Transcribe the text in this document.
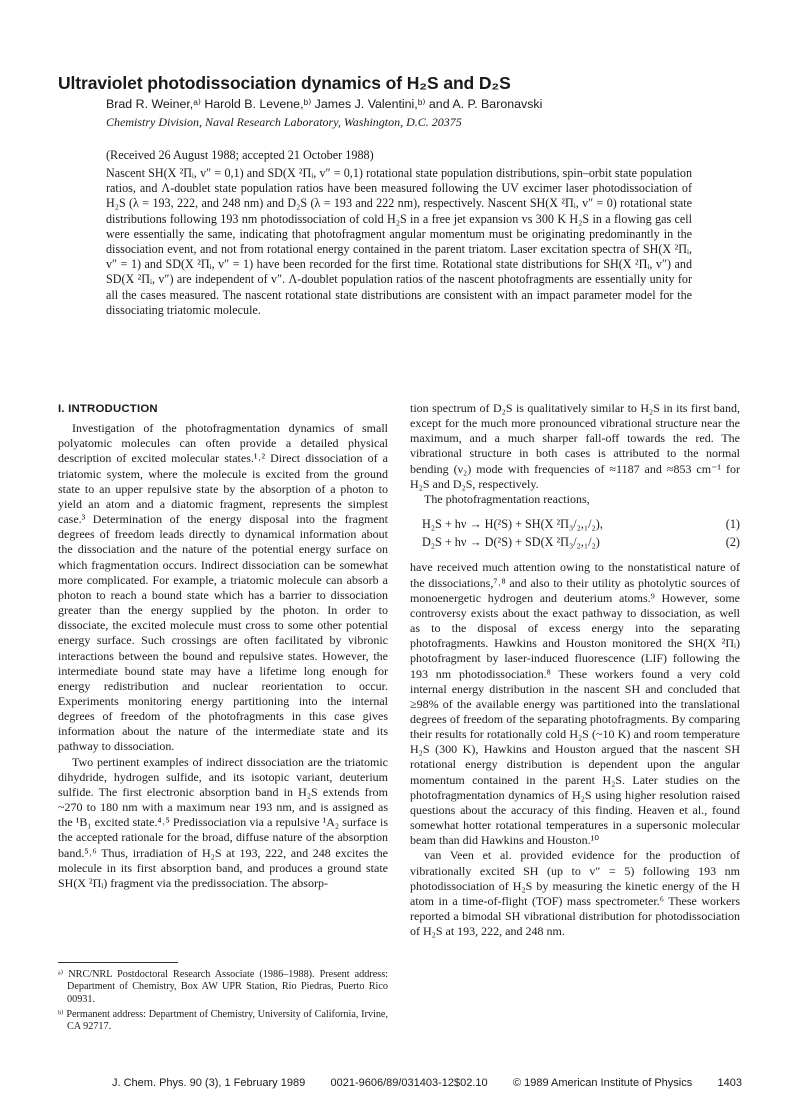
Ultraviolet photodissociation dynamics of H₂S and D₂S
Brad R. Weiner,ᵃ⁾ Harold B. Levene,ᵇ⁾ James J. Valentini,ᵇ⁾ and A. P. Baronavski
Chemistry Division, Naval Research Laboratory, Washington, D.C. 20375
(Received 26 August 1988; accepted 21 October 1988)

Nascent SH(X ²Πᵢ, v″ = 0,1) and SD(X ²Πᵢ, v″ = 0,1) rotational state population distributions, spin–orbit state population ratios, and Λ-doublet state population ratios have been measured following the UV excimer laser photodissociation of H₂S (λ = 193, 222, and 248 nm) and D₂S (λ = 193 and 222 nm), respectively. Nascent SH(X ²Πᵢ, v″ = 0) rotational state distributions following 193 nm photodissociation of cold H₂S in a free jet expansion vs 300 K H₂S in a flowing gas cell were essentially the same, indicating that photofragment angular momentum must be originating predominantly in the dissociation event, and not from rotational energy contained in the parent triatom. Laser excitation spectra of SH(X ²Πᵢ, v″ = 1) and SD(X ²Πᵢ, v″ = 1) have been recorded for the first time. Rotational state distributions for SH(X ²Πᵢ, v″) and SD(X ²Πᵢ, v″) are independent of v″. Λ-doublet population ratios of the nascent photofragments are essentially unity for all the cases measured. The nascent rotational state distributions are consistent with an impact parameter model for the dissociating triatomic molecule.

I. INTRODUCTION

Investigation of the photofragmentation dynamics of small polyatomic molecules can often provide a detailed physical description of excited molecular states.¹˒² Direct dissociation of a triatomic system, where the molecule is excited from the ground state to an upper repulsive state by the absorption of a photon to yield an atom and a diatomic fragment, represents the simplest case.³ Determination of the energy disposal into the fragment degrees of freedom leads directly to dynamical information about the dissociation and the nature of the potential energy surface on which fragmentation occurs. Indirect dissociation can be somewhat more complicated. For example, a triatomic molecule can absorb a photon to reach a bound state which has a barrier to dissociation greater than the energy supplied by the photon. In order to dissociate, the excited molecule must cross to some other potential energy surface. Such crossings are often facilitated by vibronic interactions between the bound and repulsive states. However, the intermediate bound state may have a lifetime long enough for energy redistribution and nuclear reorientation to occur. Experiments monitoring energy partitioning into the internal degrees of freedom of the photofragments in this case gives information about the nature of the intermediate state and its pathway to dissociation.

Two pertinent examples of indirect dissociation are the triatomic dihydride, hydrogen sulfide, and its isotopic variant, deuterium sulfide. The first electronic absorption band in H₂S extends from ~270 to 180 nm with a maximum near 193 nm, and is assigned as the ¹B₁ excited state.⁴˒⁵ Predissociation via a repulsive ¹A₂ surface is the accepted rationale for the broad, diffuse nature of the absorption band.⁵˒⁶ Thus, irradiation of H₂S at 193, 222, and 248 excites the molecule in its first absorption band, and produces a ground state SH(X ²Πᵢ) fragment via the predissociation. The absorp-

tion spectrum of D₂S is qualitatively similar to H₂S in its first band, except for the much more pronounced vibrational structure near the maximum, and a much sharper fall-off towards the red. The vibrational structure in both cases is attributed to the normal bending (ν₂) mode with frequencies of ≈1187 and ≈853 cm⁻¹ for H₂S and D₂S, respectively.

The photofragmentation reactions,

H₂S + hν → H(²S) + SH(X ²Π₃/₂,₁/₂),	(1)
D₂S + hν → D(²S) + SD(X ²Π₃/₂,₁/₂)	(2)

have received much attention owing to the nonstatistical nature of the dissociations,⁷˒⁸ and also to their utility as photolytic sources of monoenergetic hydrogen and deuterium atoms.⁹ However, some controversy exists about the exact pathway to dissociation, as well as to the disposal of excess energy into the separating photofragments. Hawkins and Houston monitored the SH(X ²Πᵢ) photofragment by laser-induced fluorescence (LIF) following the 193 nm photodissociation.⁸ These workers found a very cold internal energy distribution in the nascent SH and concluded that ≥98% of the available energy was partitioned into the translational degrees of freedom of the separating photofragments. By comparing their results for rotationally cold H₂S (~10 K) and room temperature H₂S (300 K), Hawkins and Houston argued that the nascent SH rotational energy distribution is dependent upon the angular momentum contained in the parent H₂S. Later studies on the photofragmentation dynamics of H₂S using higher resolution raised questions about the accuracy of this finding. Heaven et al., found somewhat hotter rotational temperatures in a supersonic molecular beam than did Hawkins and Houston.¹⁰

van Veen et al. provided evidence for the production of vibrationally excited SH (up to v″ = 5) following 193 nm photodissociation of H₂S by measuring the kinetic energy of the H atom in a time-of-flight (TOF) mass spectrometer.⁶ These workers reported a bimodal SH vibrational distribution for photodissociation of H₂S at 193, 222, and 248 nm.

ᵃ⁾ NRC/NRL Postdoctoral Research Associate (1986–1988). Present address: Department of Chemistry, Box AW UPR Station, Rio Piedras, Puerto Rico 00931.

ᵇ⁾ Permanent address: Department of Chemistry, University of California, Irvine, CA 92717.

J. Chem. Phys. 90 (3), 1 February 1989 0021-9606/89/031403-12$02.10 © 1989 American Institute of Physics 1403
